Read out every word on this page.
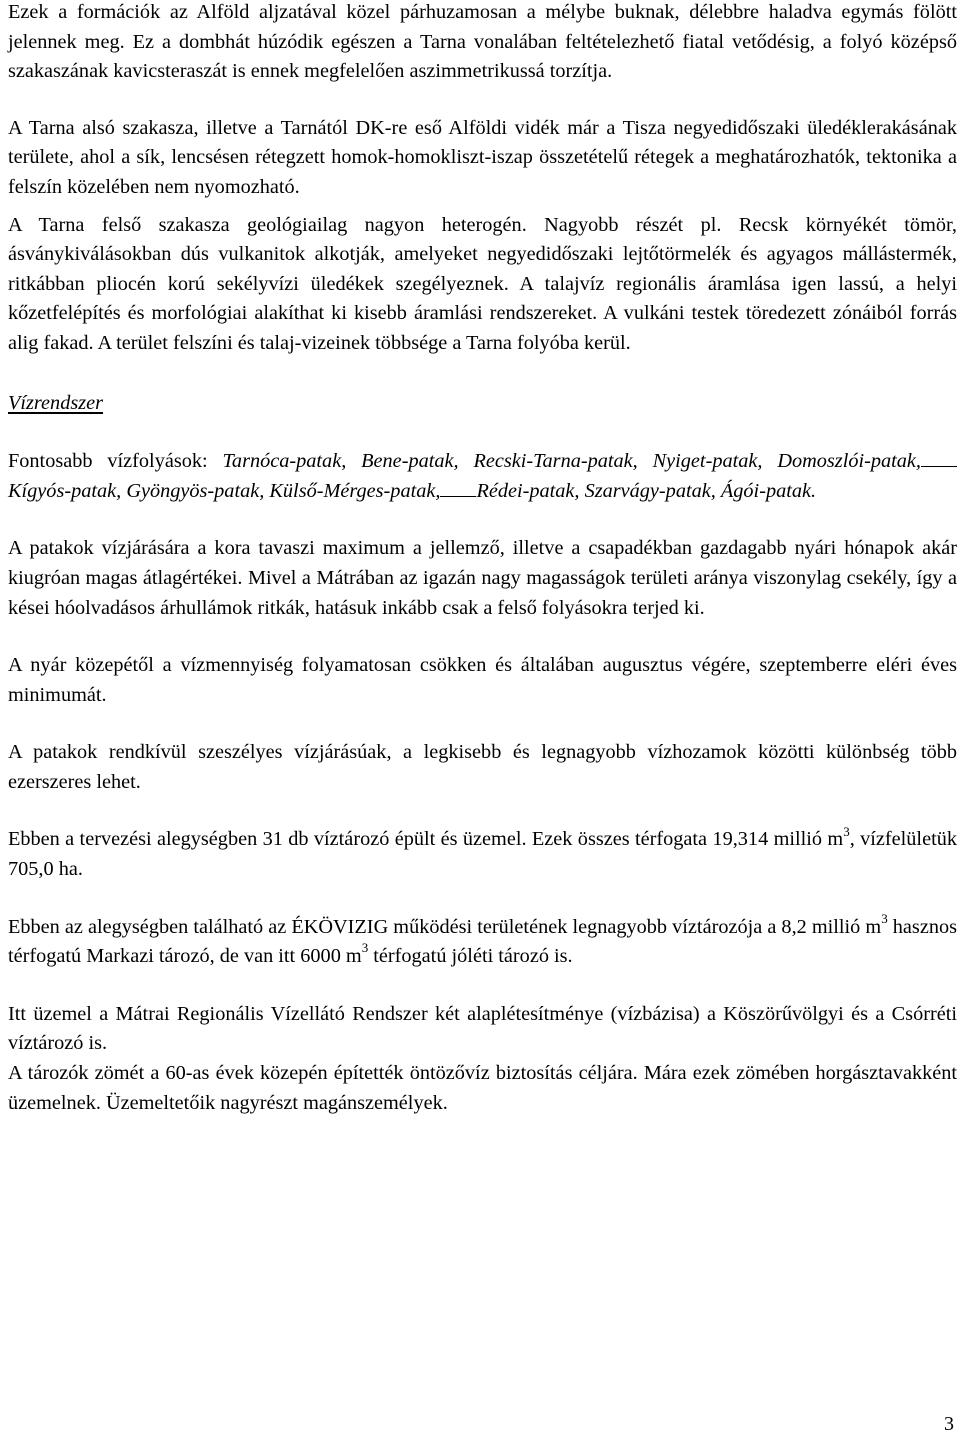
Ezek a formációk az Alföld aljzatával közel párhuzamosan a mélybe buknak, délebbre haladva egymás fölött jelennek meg. Ez a dombhát húzódik egészen a Tarna vonalában feltételezhető fiatal vetődésig, a folyó középső szakaszának kavicsteraszát is ennek megfelelően aszimmetrikussá torzítja.

A Tarna alsó szakasza, illetve a Tarnától DK-re eső Alföldi vidék már a Tisza negyedidőszaki üledéklerakásának területe, ahol a sík, lencsésen rétegzett homok-homokliszt-iszap összetételű rétegek a meghatározhatók, tektonika a felszín közelében nem nyomozható.

A Tarna felső szakasza geológiailag nagyon heterogén. Nagyobb részét pl. Recsk környékét tömör, ásványkiválásokban dús vulkanitok alkotják, amelyeket negyedidőszaki lejtőtörmelék és agyagos mállástermék, ritkábban pliocén korú sekélyvízi üledékek szegélyeznek. A talajvíz regionális áramlása igen lassú, a helyi kőzetfelépítés és morfológiai alakíthat ki kisebb áramlási rendszereket. A vulkáni testek töredezett zónáiból forrás alig fakad. A terület felszíni és talaj-vizeinek többsége a Tarna folyóba kerül.

Vízrendszer

Fontosabb vízfolyások: Tarnóca-patak, Bene-patak, Recski-Tarna-patak, Nyiget-patak, Domoszlói-patak,Kígyós-patak, Gyöngyös-patak, Külső-Mérges-patak, Rédei-patak, Szarvágy-patak, Ágói-patak.

A patakok vízjárására a kora tavaszi maximum a jellemző, illetve a csapadékban gazdagabb nyári hónapok akár kiugróan magas átlagértékei. Mivel a Mátrában az igazán nagy magasságok területi aránya viszonylag csekély, így a kései hóolvadásos árhullámok ritkák, hatásuk inkább csak a felső folyásokra terjed ki.

A nyár közepétől a vízmennyiség folyamatosan csökken és általában augusztus végére, szeptemberre eléri éves minimumát.

A patakok rendkívül szeszélyes vízjárásúak, a legkisebb és legnagyobb vízhozamok közötti különbség több ezerszeres lehet.

Ebben a tervezési alegységben 31 db víztározó épült és üzemel. Ezek összes térfogata 19,314 millió $m^3$, vízfelületük 705,0 ha.

Ebben az alegységben található az ÉKÖVIZIG működési területének legnagyobb víztározója a 8,2 millió $m^3$ hasznos térfogatú Markazi tározó, de van itt 6000 $m^3$ térfogatú jóléti tározó is.

Itt üzemel a Mátrai Regionális Vízellátó Rendszer két alaplétesítménye (vízbázisa) a Köszörűvölgyi és a Csórréti víztározó is.

A tározók zömét a 60-as évek közepén építették öntözővíz biztosítás céljára. Mára ezek zömében horgásztavakként üzemelnek. Üzemeltetőik nagyrészt magánszemélyek.

3
